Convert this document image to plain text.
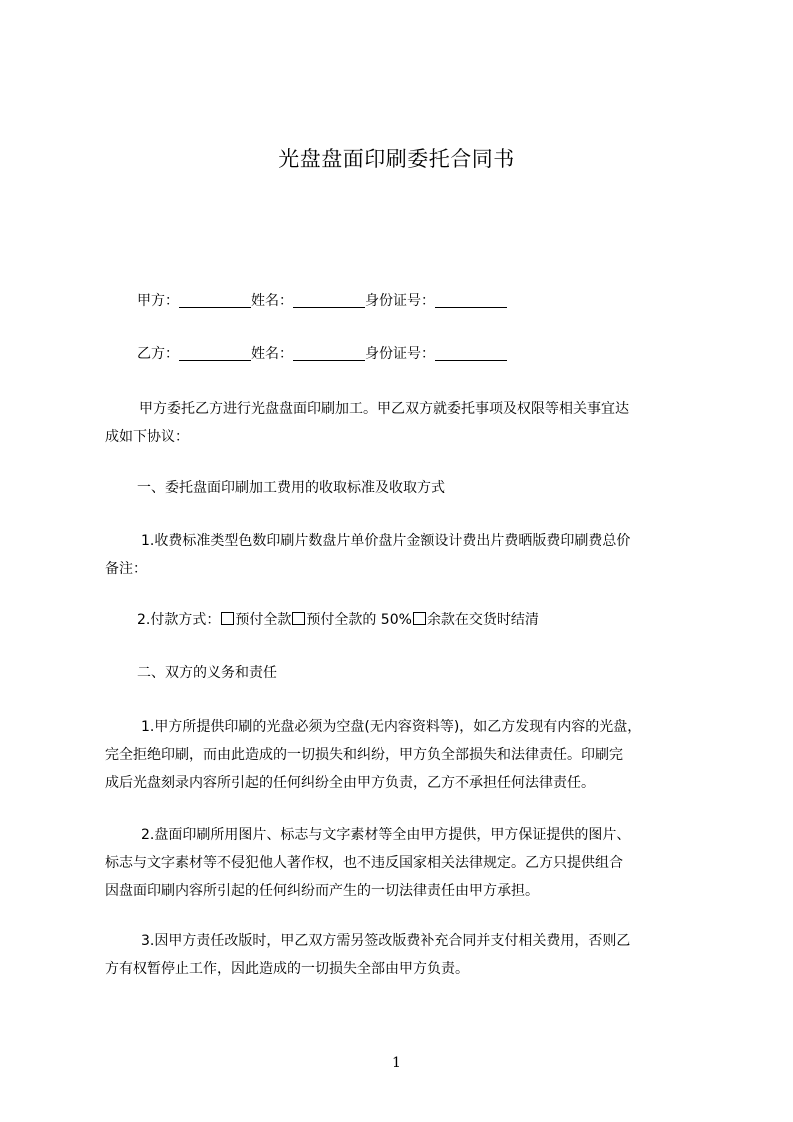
光盘盘面印刷委托合同书
甲方：	姓名：	身份证号：
乙方：	姓名：	身份证号：
甲方委托乙方进行光盘盘面印刷加工。甲乙双方就委托事项及权限等相关事宜达
成如下协议：
一、委托盘面印刷加工费用的收取标准及收取方式
1.收费标准类型色数印刷片数盘片单价盘片金额设计费出片费晒版费印刷费总价
备注：
2.付款方式： 预付全款 预付全款的 50% 余款在交货时结清
二、双方的义务和责任
1.甲方所提供印刷的光盘必须为空盘(无内容资料等)，如乙方发现有内容的光盘，
完全拒绝印刷，而由此造成的一切损失和纠纷，甲方负全部损失和法律责任。印刷完
成后光盘刻录内容所引起的任何纠纷全由甲方负责，乙方不承担任何法律责任。
2.盘面印刷所用图片、标志与文字素材等全由甲方提供，甲方保证提供的图片、
标志与文字素材等不侵犯他人著作权，也不违反国家相关法律规定。乙方只提供组合
因盘面印刷内容所引起的任何纠纷而产生的一切法律责任由甲方承担。
3.因甲方责任改版时，甲乙双方需另签改版费补充合同并支付相关费用，否则乙
方有权暂停止工作，因此造成的一切损失全部由甲方负责。
1
